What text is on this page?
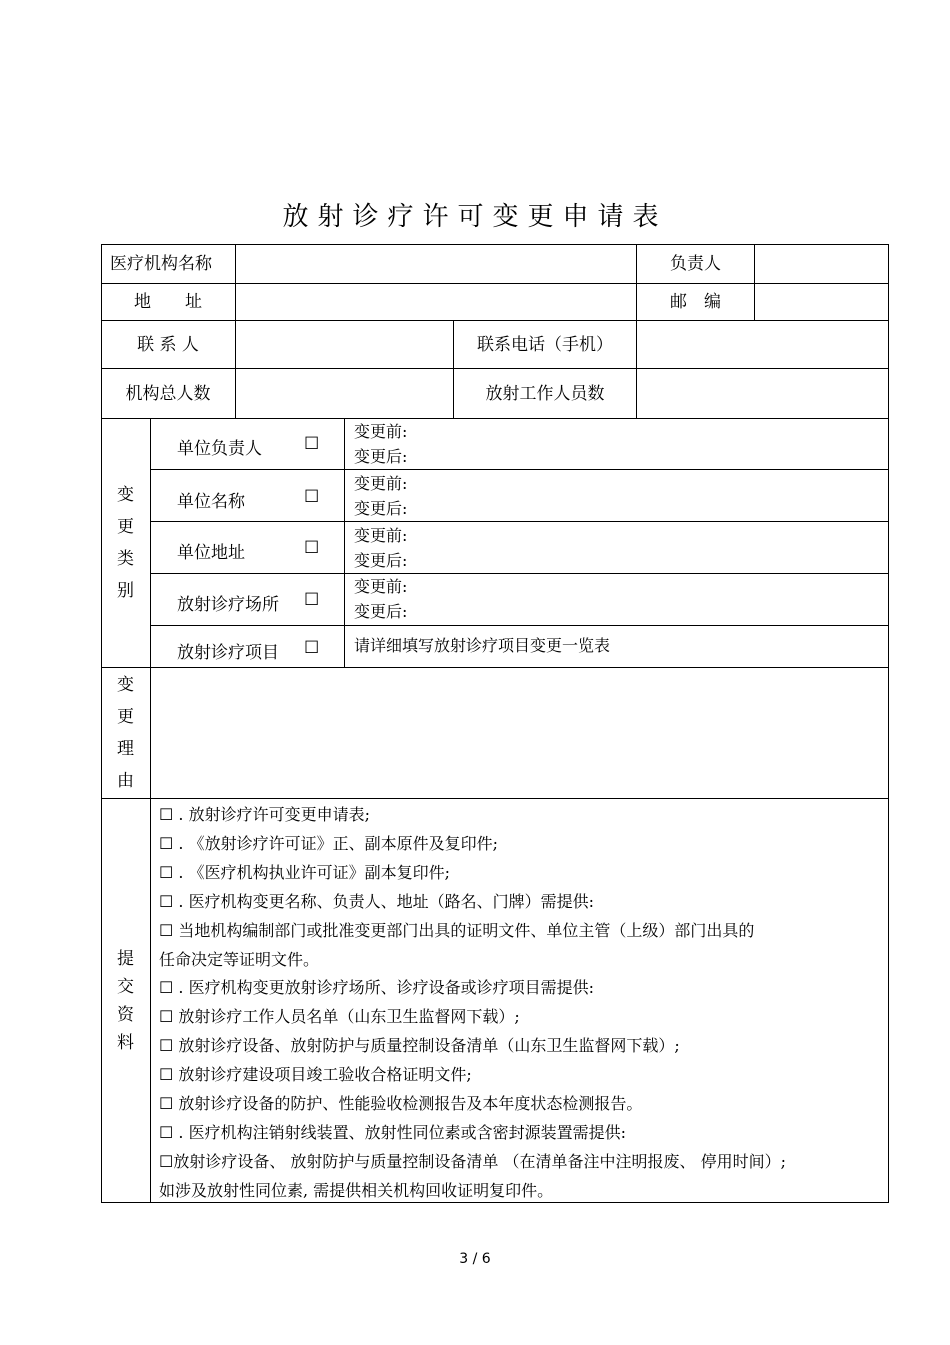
放射诊疗许可变更申请表
医疗机构名称	负责人
地　　址	邮　编
联 系 人	联系电话（手机）
机构总人数	放射工作人员数
变
更
类
别
单位负责人 ☐
变更前:
变更后:
单位名称	☐
变更前:
变更后:
单位地址	☐
变更前:
变更后:
放射诊疗场所 ☐
变更前:
变更后:
放射诊疗项目 ☐ 请详细填写放射诊疗项目变更一览表
变
更
理
由
提
交
资
料
☐ . 放射诊疗许可变更申请表;
☐ . 《放射诊疗许可证》正、副本原件及复印件;
☐ . 《医疗机构执业许可证》副本复印件;
☐ . 医疗机构变更名称、负责人、地址（路名、门牌）需提供:
☐ 当地机构编制部门或批准变更部门出具的证明文件、单位主管（上级）部门出具的
任命决定等证明文件。
☐ . 医疗机构变更放射诊疗场所、诊疗设备或诊疗项目需提供:
☐ 放射诊疗工作人员名单（山东卫生监督网下载）;
☐ 放射诊疗设备、放射防护与质量控制设备清单（山东卫生监督网下载）;
☐ 放射诊疗建设项目竣工验收合格证明文件;
☐ 放射诊疗设备的防护、性能验收检测报告及本年度状态检测报告。
☐ . 医疗机构注销射线装置、放射性同位素或含密封源装置需提供:
☐放射诊疗设备、 放射防护与质量控制设备清单 （在清单备注中注明报废、 停用时间）;
如涉及放射性同位素, 需提供相关机构回收证明复印件。
3 / 6
